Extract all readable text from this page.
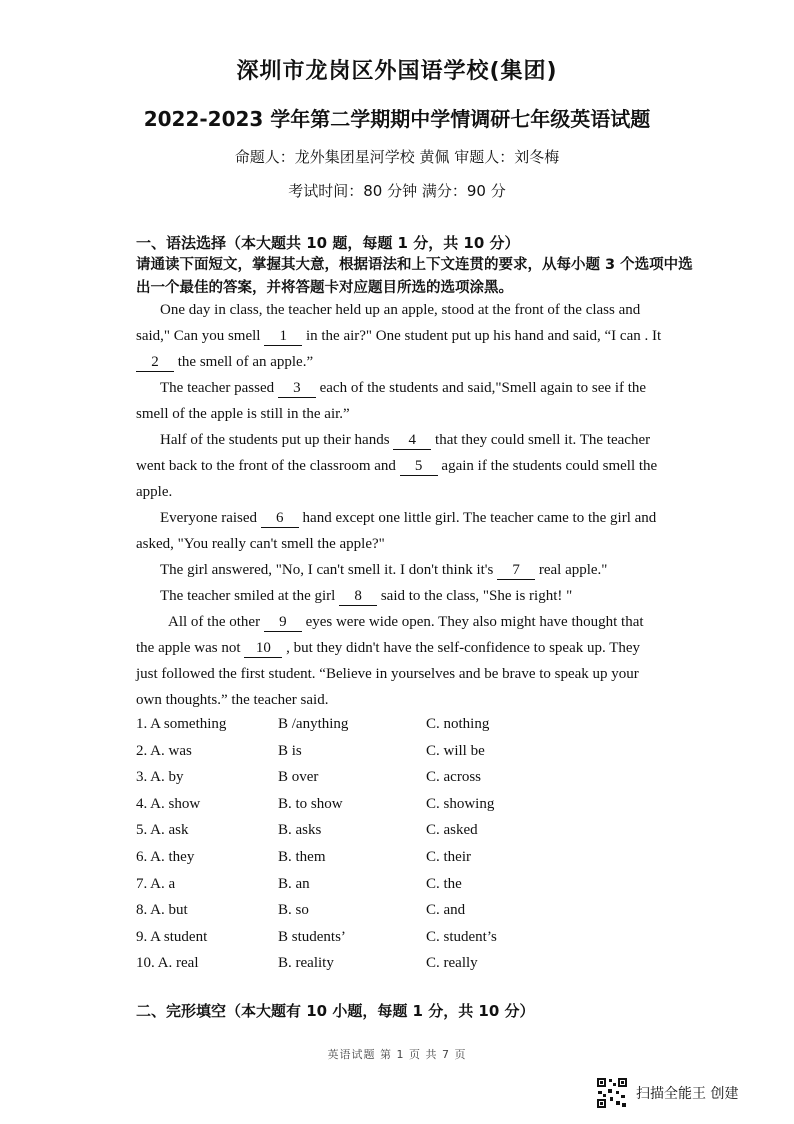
深圳市龙岗区外国语学校(集团)
2022-2023 学年第二学期期中学情调研七年级英语试题
命题人：龙外集团星河学校 黄佩 审题人：刘冬梅
考试时间：80 分钟 满分：90 分
一、语法选择（本大题共 10 题，每题 1 分，共 10 分）
请通读下面短文，掌握其大意，根据语法和上下文连贯的要求，从每小题 3 个选项中选出一个最佳的答案，并将答题卡对应题目所选的选项涂黑。
One day in class, the teacher held up an apple, stood at the front of the class and
said," Can you smell 1 in the air?" One student put up his hand and said, “I can . It
2 the smell of an apple.”
The teacher passed 3 each of the students and said,"Smell again to see if the
smell of the apple is still in the air.”
Half of the students put up their hands 4 that they could smell it. The teacher
went back to the front of the classroom and 5 again if the students could smell the
apple.
Everyone raised 6 hand except one little girl. The teacher came to the girl and
asked, "You really can't smell the apple?"
The girl answered, "No, I can't smell it. I don't think it's 7 real apple."
The teacher smiled at the girl 8 said to the class, "She is right! "
All of the other 9 eyes were wide open. They also might have thought that
the apple was not 10 , but they didn't have the self-confidence to speak up. They
just followed the first student. “Believe in yourselves and be brave to speak up your
own thoughts.” the teacher said.
1. A something	B /anything	C. nothing
2. A. was	B is	C. will be
3. A. by	B over	C. across
4. A. show	B. to show	C. showing
5. A. ask	B. asks	C. asked
6. A. they	B. them	C. their
7. A. a	B. an	C. the
8. A. but	B. so	C. and
9. A student	B students’	C. student’s
10. A. real	B. reality	C. really
二、完形填空（本大题有 10 小题，每题 1 分，共 10 分）
英语试题 第 1 页 共 7 页
扫描全能王 创建
